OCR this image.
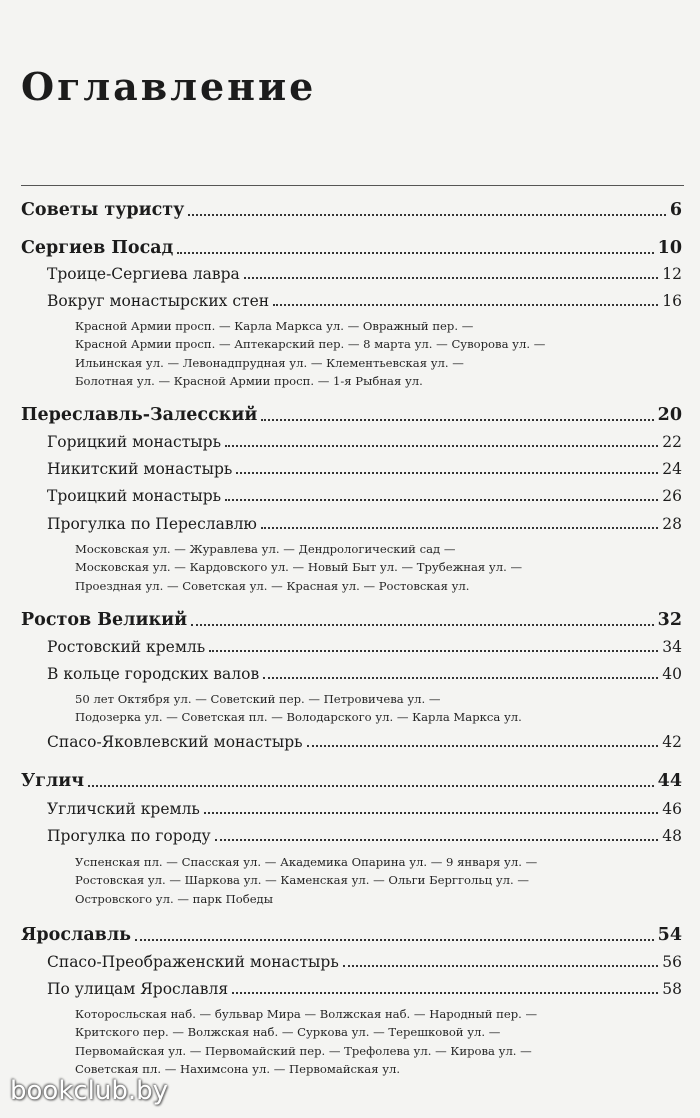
Оглавление
Советы туристу	6
Сергиев Посад	10
Троице-Сергиева лавра	12
Вокруг монастырских стен	16
Красной Армии просп. — Карла Маркса ул. — Овражный пер. —
Красной Армии просп. — Аптекарский пер. — 8 марта ул. — Суворова ул. —
Ильинская ул. — Левонадпрудная ул. — Клементьевская ул. —
Болотная ул. — Красной Армии просп. — 1-я Рыбная ул.
Переславль-Залесский	20
Горицкий монастырь	22
Никитский монастырь	24
Троицкий монастырь	26
Прогулка по Переславлю	28
Московская ул. — Журавлева ул. — Дендрологический сад —
Московская ул. — Кардовского ул. — Новый Быт ул. — Трубежная ул. —
Проездная ул. — Советская ул. — Красная ул. — Ростовская ул.
Ростов Великий	32
Ростовский кремль	34
В кольце городских валов	40
50 лет Октября ул. — Советский пер. — Петровичева ул. —
Подозерка ул. — Советская пл. — Володарского ул. — Карла Маркса ул.
Спасо-Яковлевский монастырь	42
Углич	44
Угличский кремль	46
Прогулка по городу	48
Успенская пл. — Спасская ул. — Академика Опарина ул. — 9 января ул. —
Ростовская ул. — Шаркова ул. — Каменская ул. — Ольги Берггольц ул. —
Островского ул. — парк Победы
Ярославль	54
Спасо-Преображенский монастырь	56
По улицам Ярославля	58
Которосльская наб. — бульвар Мира — Волжская наб. — Народный пер. —
Критского пер. — Волжская наб. — Суркова ул. — Терешковой ул. —
Первомайская ул. — Первомайский пер. — Трефолева ул. — Кирова ул. —
Советская пл. — Нахимсона ул. — Первомайская ул.
bookclub.by
